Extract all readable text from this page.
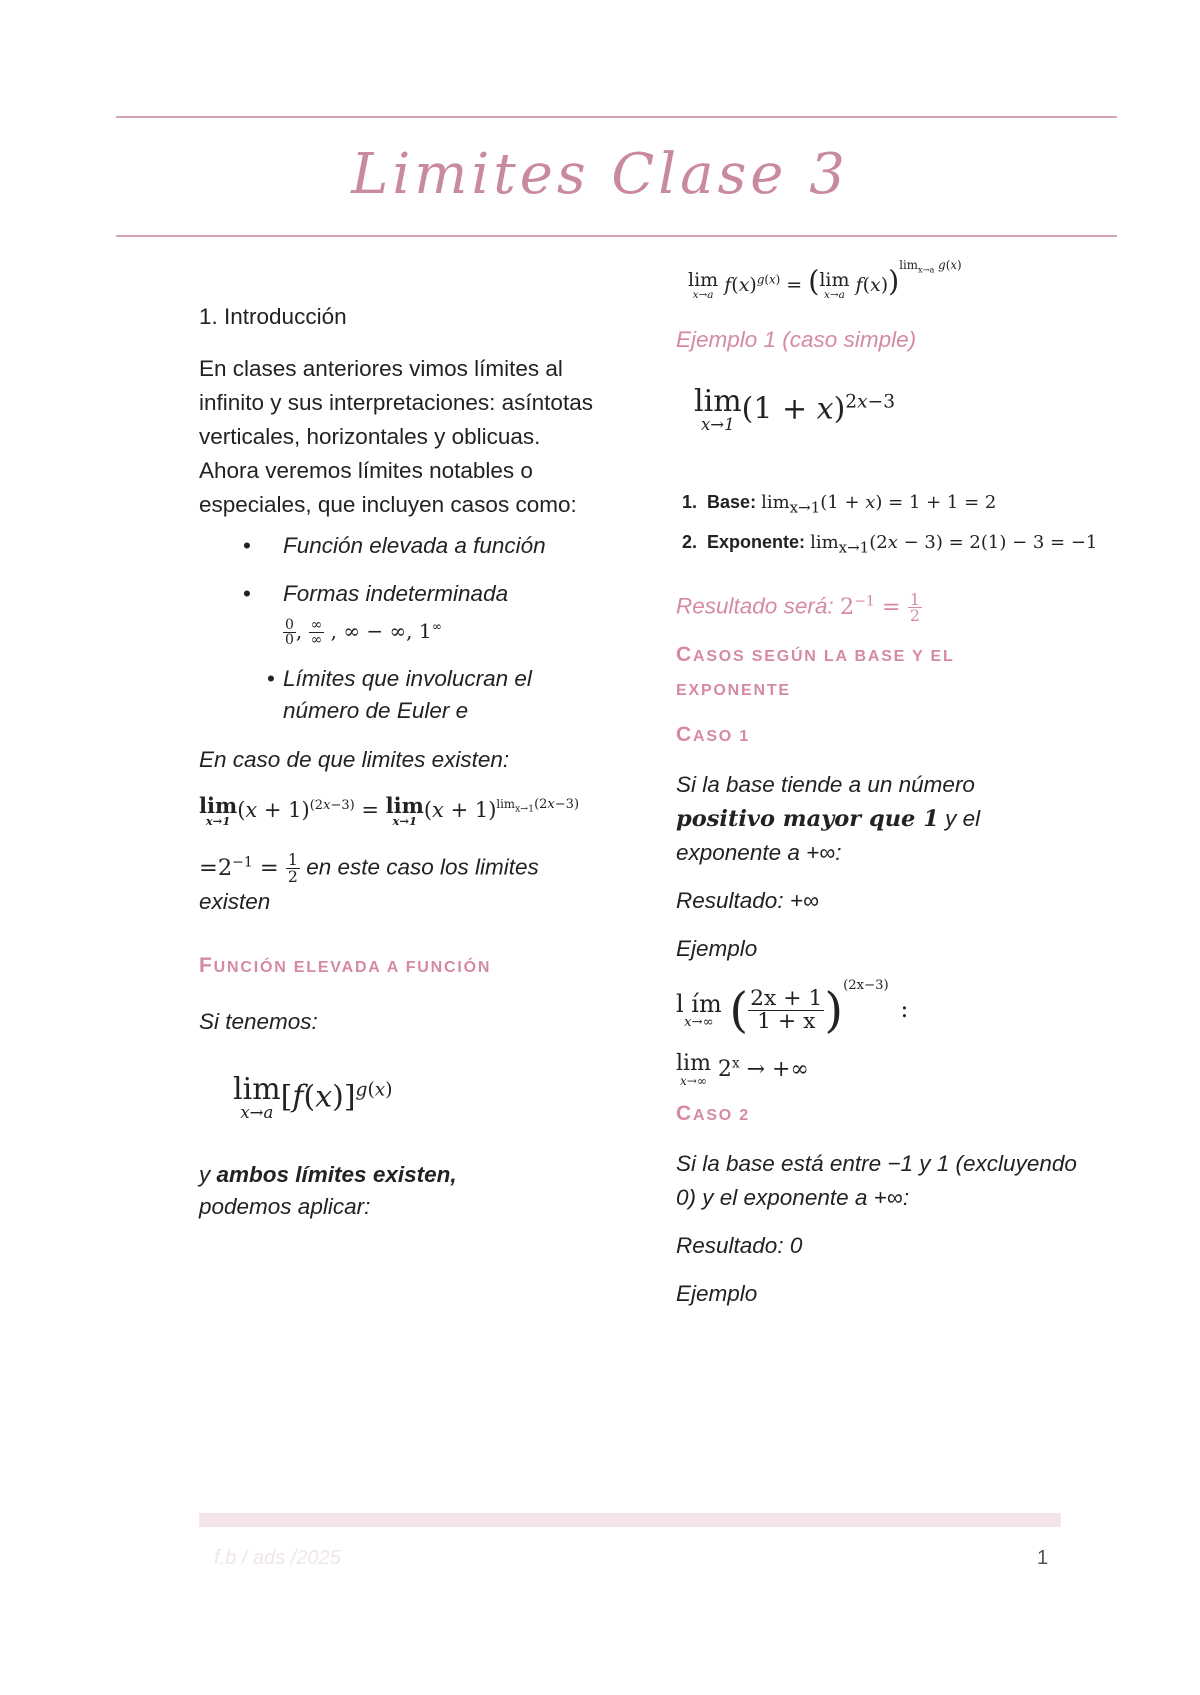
Limites Clase 3
1. Introducción
En clases anteriores vimos límites al infinito y sus interpretaciones: asíntotas verticales, horizontales y oblicuas.
Ahora veremos límites notables o especiales, que incluyen casos como:
• Función elevada a función
• Formas indeterminada

$\frac{0}{0}$ , $\frac{\infty}{\infty}$ , ∞ − ∞, 1∞
• Límites que involucran el número de Euler e
En caso de que limites existen:
lim
x→1 $(x + 1)^{(2x-3)} = \lim$
x→1 $(x + 1)^{lim_{x\to 1}(2x-3)}$
$=2^{-1} = \frac{1}{2}$ en este caso los limites existen
FUNCIÓN ELEVADA A FUNCIÓN
Si tenemos:
lim
x→a $[f(x)]^{g(x)}$
y ambos límites existen,
podemos aplicar:
lim
x→a $f(x)^{g(x)} = (\lim$
x→a f(x))$^{lim_{x\to a} g(x)}$
Ejemplo 1 (caso simple)
lim
x→1 $(1 + x)^{2x-3}$
1. Base: $\lim_{x\to 1}(1 + x) = 1 + 1 = 2$
2. Exponente: $\lim_{x\to 1}(2x - 3) = 2(1) - 3 = -1$
Resultado será: $2^{-1} = \frac{1}{2}$
CASOS SEGÚN LA BASE Y EL
EXPONENTE
CASO 1
Si la base tiende a un número positivo mayor que 1 y el exponente a +∞:
Resultado: +∞
Ejemplo
l ím
x→∞ ( $\frac{2x + 1}{1 + x} )^{(2x-3)}$ :
lim
x→∞ $2^x$ → +∞
CASO 2
Si la base está entre −1 y 1 (excluyendo 0) y el exponente a +∞:
Resultado: 0
Ejemplo
f.b / ads /2025	1
